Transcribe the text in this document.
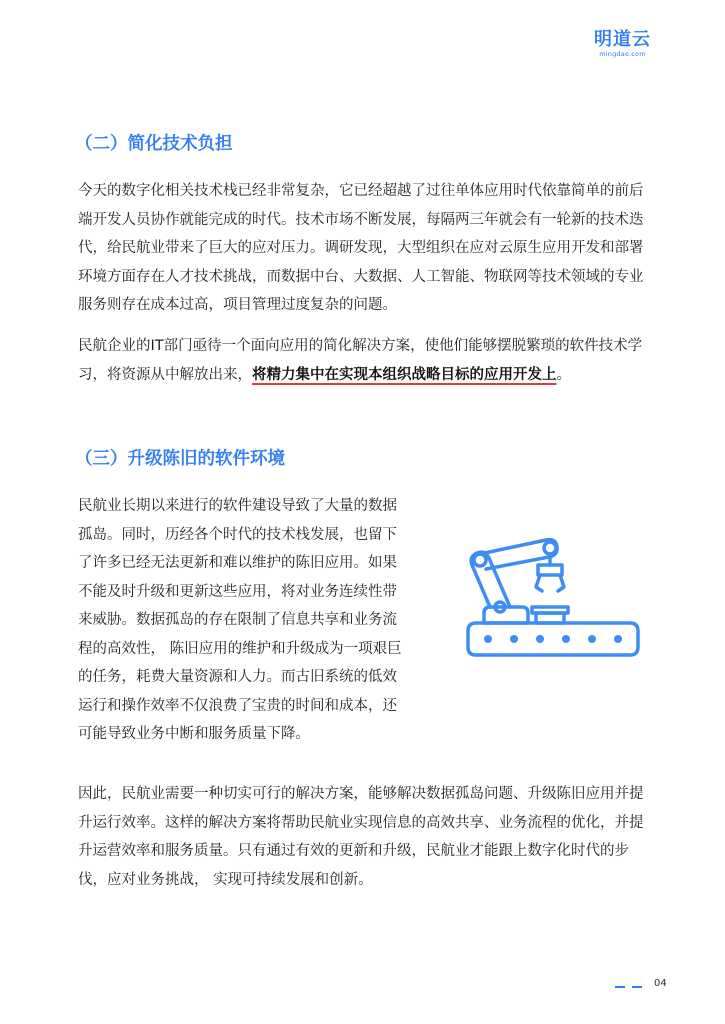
明道云
mingdao.com
（二）简化技术负担

今天的数字化相关技术栈已经非常复杂，它已经超越了过往单体应用时代依靠简单的前后端开发人员协作就能完成的时代。技术市场不断发展，每隔两三年就会有一轮新的技术迭代，给民航业带来了巨大的应对压力。调研发现，大型组织在应对云原生应用开发和部署环境方面存在人才技术挑战，而数据中台、大数据、人工智能、物联网等技术领域的专业服务则存在成本过高，项目管理过度复杂的问题。

民航企业的IT部门亟待一个面向应用的简化解决方案，使他们能够摆脱繁琐的软件技术学习，将资源从中解放出来，将精力集中在实现本组织战略目标的应用开发上。

（三）升级陈旧的软件环境

民航业长期以来进行的软件建设导致了大量的数据孤岛。同时，历经各个时代的技术栈发展，也留下了许多已经无法更新和难以维护的陈旧应用。如果不能及时升级和更新这些应用，将对业务连续性带来威胁。数据孤岛的存在限制了信息共享和业务流程的高效性， 陈旧应用的维护和升级成为一项艰巨的任务，耗费大量资源和人力。而古旧系统的低效运行和操作效率不仅浪费了宝贵的时间和成本，还可能导致业务中断和服务质量下降。

因此，民航业需要一种切实可行的解决方案，能够解决数据孤岛问题、升级陈旧应用并提升运行效率。这样的解决方案将帮助民航业实现信息的高效共享、业务流程的优化，并提升运营效率和服务质量。只有通过有效的更新和升级，民航业才能跟上数字化时代的步伐，应对业务挑战， 实现可持续发展和创新。

04
